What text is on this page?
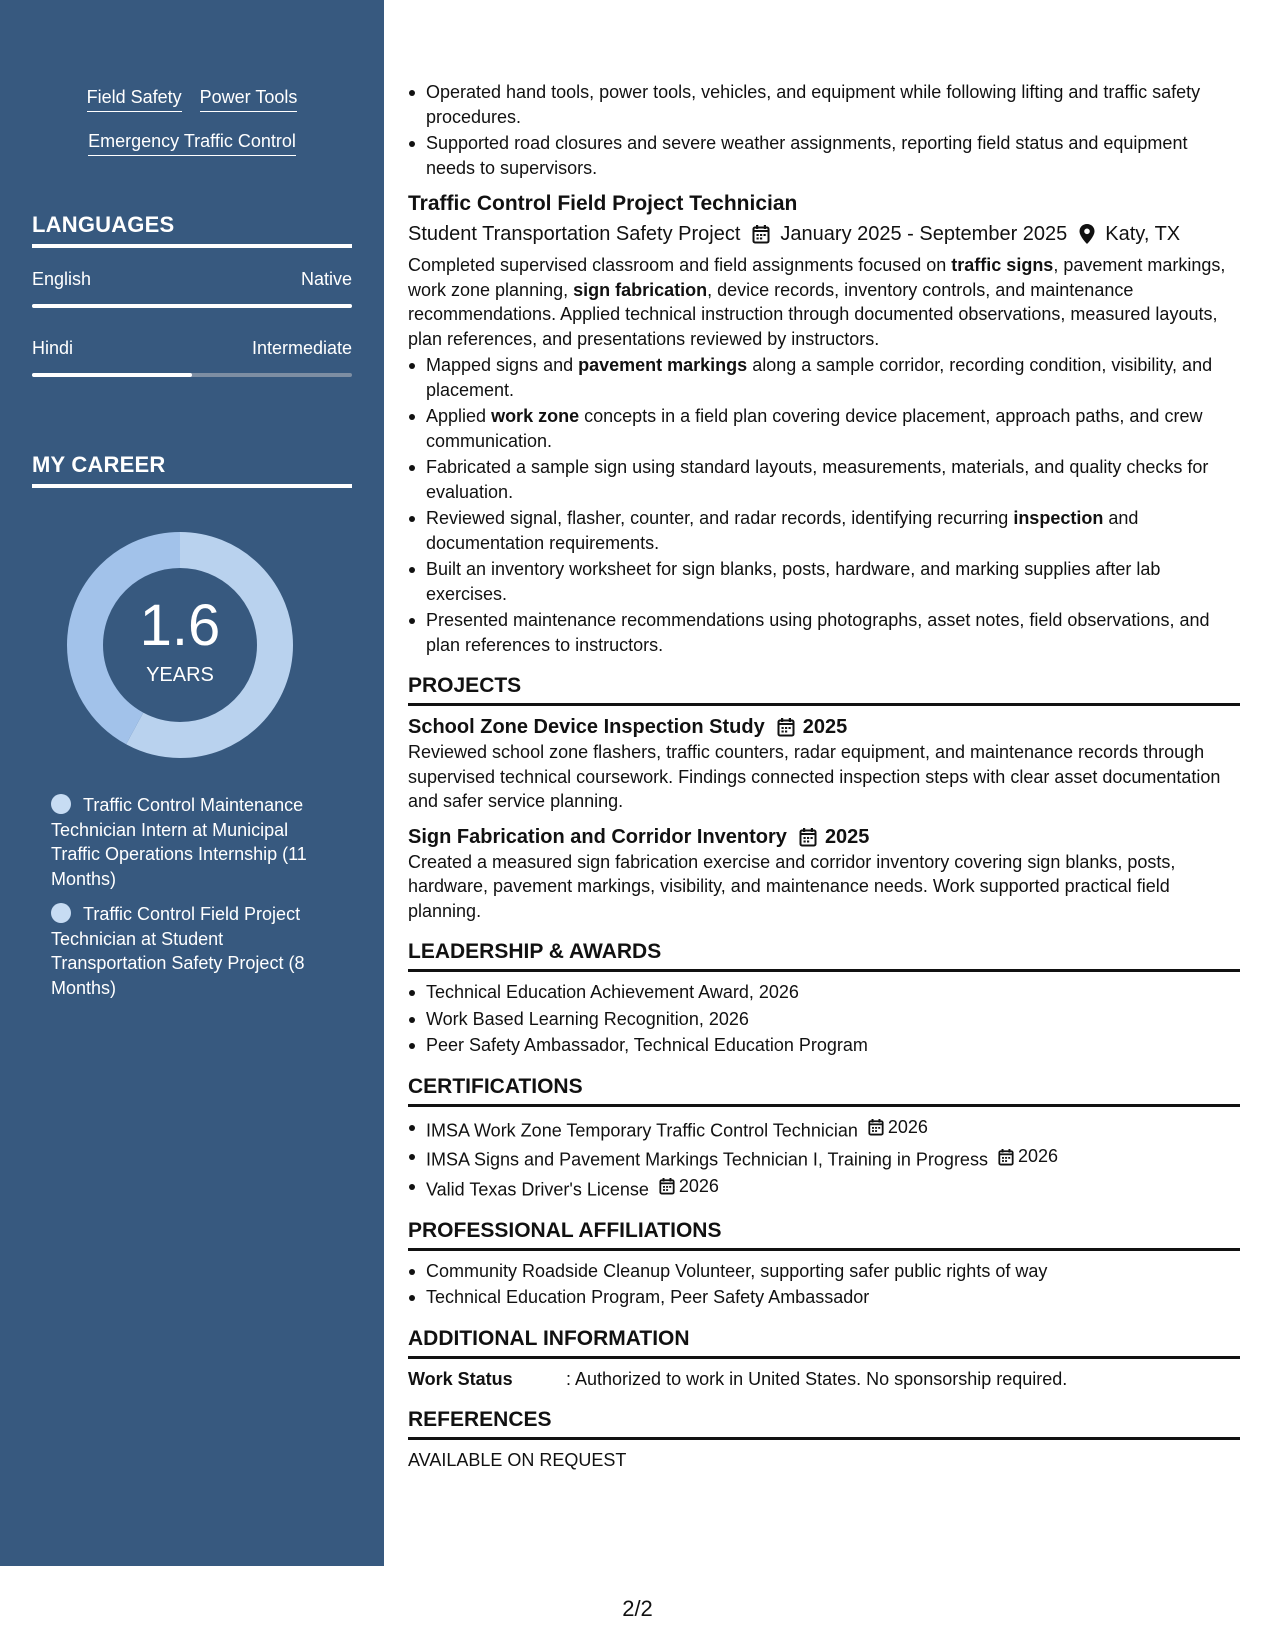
Field Safety Power Tools
Emergency Traffic Control
LANGUAGES
English	Native
Hindi	Intermediate
MY CAREER
1.6
YEARS
Traffic Control Maintenance Technician Intern at Municipal Traffic Operations Internship (11 Months)
Traffic Control Field Project Technician at Student Transportation Safety Project (8 Months)
Operated hand tools, power tools, vehicles, and equipment while following lifting and traffic safety procedures.
Supported road closures and severe weather assignments, reporting field status and equipment needs to supervisors.
Traffic Control Field Project Technician
Student Transportation Safety Project January 2025 - September 2025 Katy, TX

Completed supervised classroom and field assignments focused on traffic signs, pavement markings, work zone planning, sign fabrication, device records, inventory controls, and maintenance recommendations. Applied technical instruction through documented observations, measured layouts, plan references, and presentations reviewed by instructors.

Mapped signs and pavement markings along a sample corridor, recording condition, visibility, and placement.
Applied work zone concepts in a field plan covering device placement, approach paths, and crew communication.
Fabricated a sample sign using standard layouts, measurements, materials, and quality checks for evaluation.
Reviewed signal, flasher, counter, and radar records, identifying recurring inspection and documentation requirements.
Built an inventory worksheet for sign blanks, posts, hardware, and marking supplies after lab exercises.
Presented maintenance recommendations using photographs, asset notes, field observations, and plan references to instructors.
PROJECTS
School Zone Device Inspection Study 2025

Reviewed school zone flashers, traffic counters, radar equipment, and maintenance records through supervised technical coursework. Findings connected inspection steps with clear asset documentation and safer service planning.

Sign Fabrication and Corridor Inventory 2025

Created a measured sign fabrication exercise and corridor inventory covering sign blanks, posts, hardware, pavement markings, visibility, and maintenance needs. Work supported practical field planning.

LEADERSHIP & AWARDS
Technical Education Achievement Award, 2026
Work Based Learning Recognition, 2026
Peer Safety Ambassador, Technical Education Program
CERTIFICATIONS
IMSA Work Zone Temporary Traffic Control Technician 2026
IMSA Signs and Pavement Markings Technician I, Training in Progress 2026
Valid Texas Driver's License 2026
PROFESSIONAL AFFILIATIONS
Community Roadside Cleanup Volunteer, supporting safer public rights of way
Technical Education Program, Peer Safety Ambassador
ADDITIONAL INFORMATION
Work Status	: Authorized to work in United States. No sponsorship required.
REFERENCES
AVAILABLE ON REQUEST
2/2
